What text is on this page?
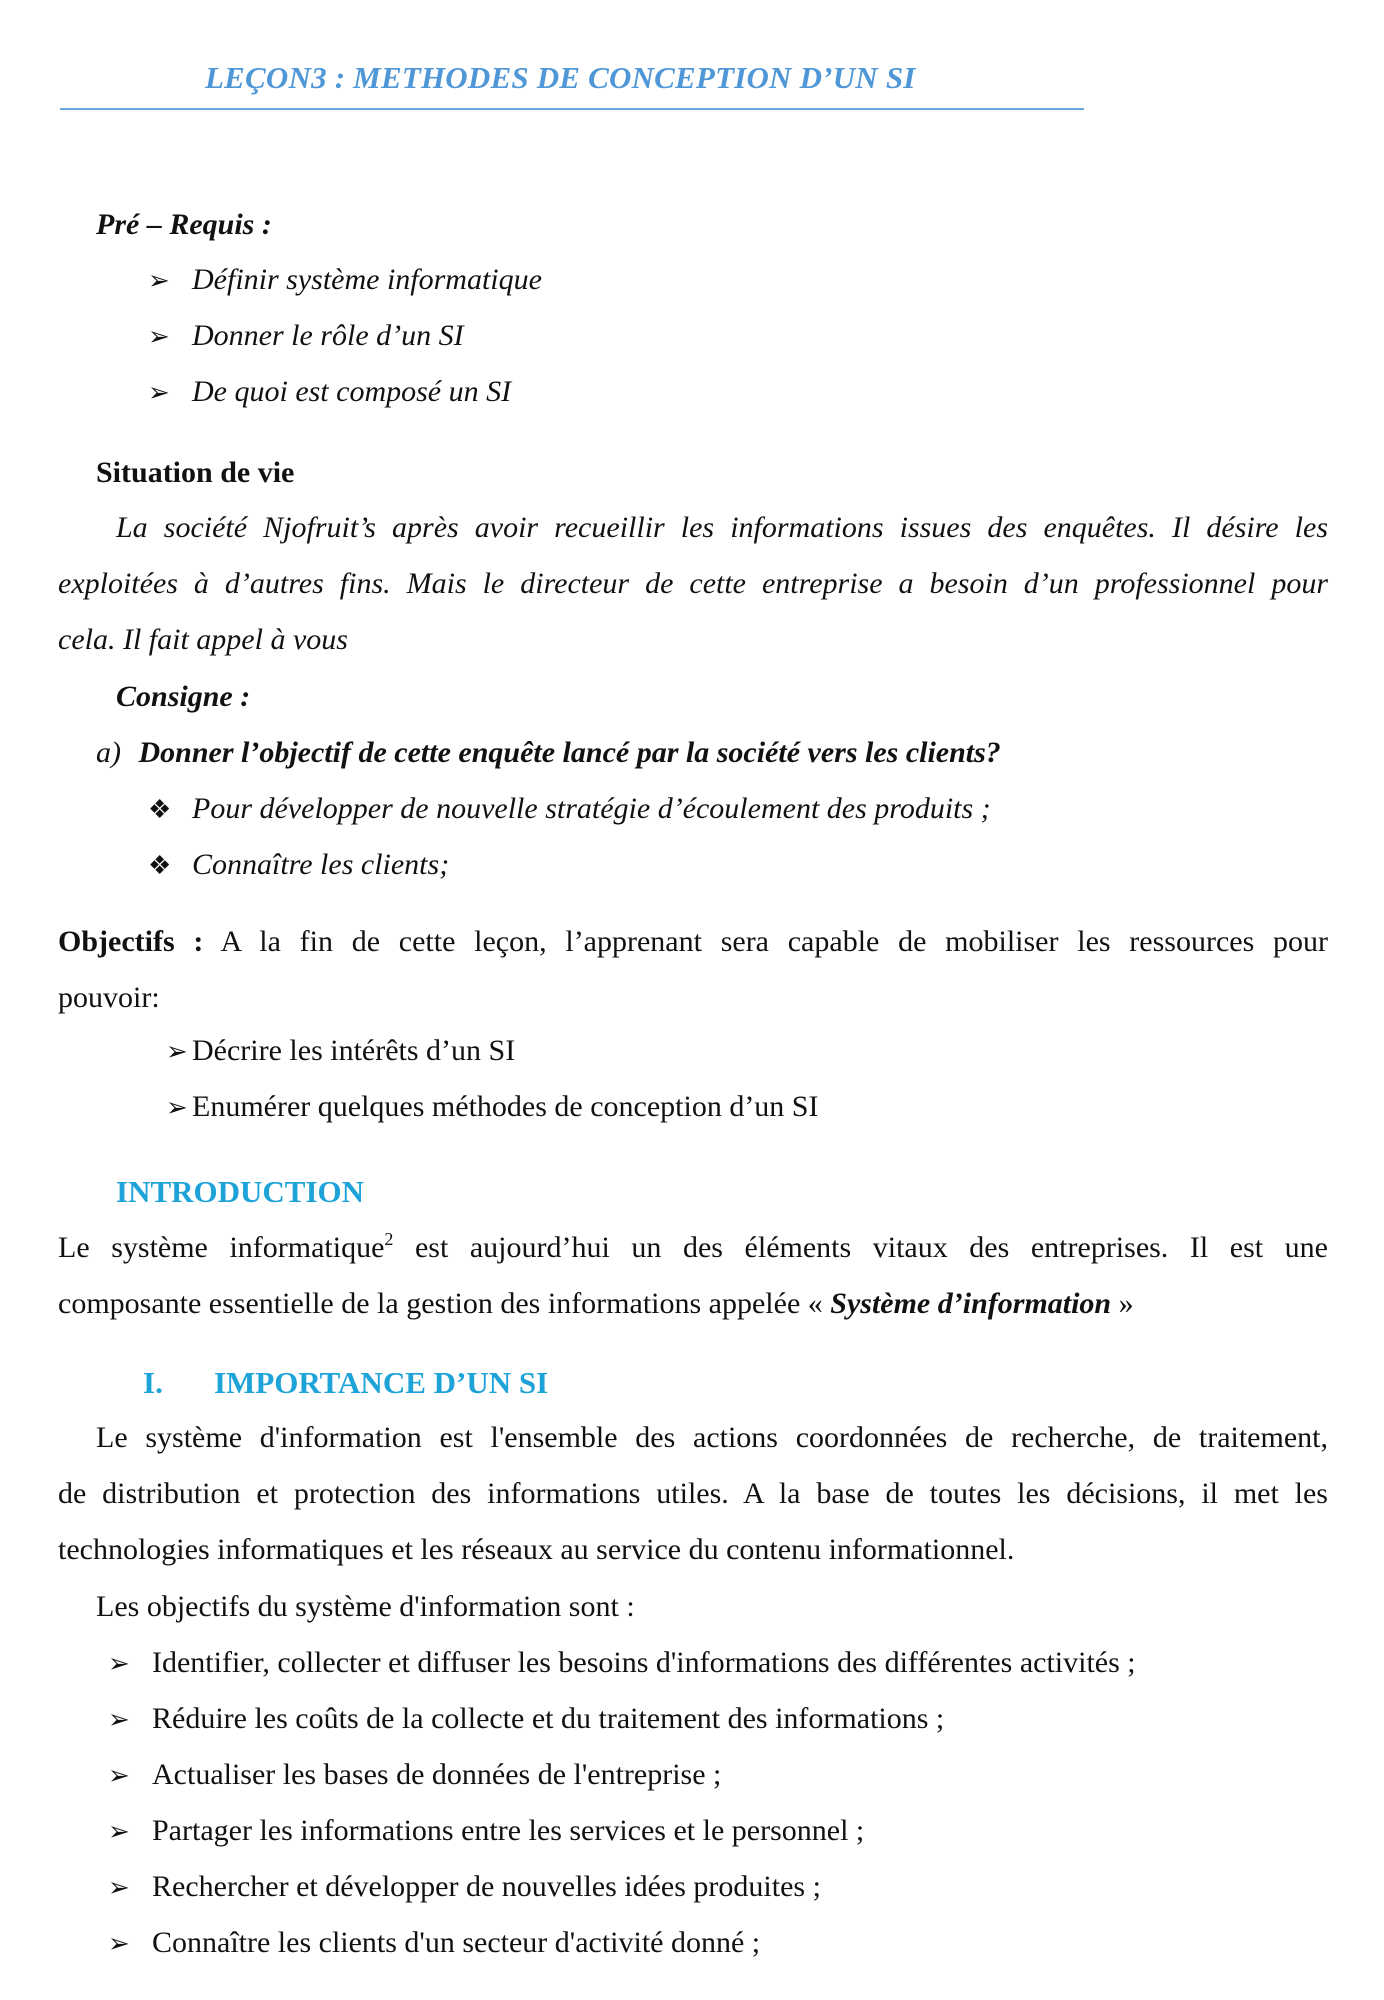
LEÇON3 : METHODES DE CONCEPTION D’UN SI
Pré – Requis :
➢ Définir système informatique
➢ Donner le rôle d’un SI
➢ De quoi est composé un SI
Situation de vie
La société Njofruit’s après avoir recueillir les informations issues des enquêtes. Il désire les
exploitées à d’autres fins. Mais le directeur de cette entreprise a besoin d’un professionnel pour
cela. Il fait appel à vous
Consigne :
a) Donner l’objectif de cette enquête lancé par la société vers les clients?
❖ Pour développer de nouvelle stratégie d’écoulement des produits ;
❖ Connaître les clients;
Objectifs : A la fin de cette leçon, l’apprenant sera capable de mobiliser les ressources pour
pouvoir:
➢ Décrire les intérêts d’un SI
➢ Enumérer quelques méthodes de conception d’un SI
INTRODUCTION
Le système informatique$^2$ est aujourd’hui un des éléments vitaux des entreprises. Il est une
composante essentielle de la gestion des informations appelée « Système d’information »
I. IMPORTANCE D’UN SI
Le système d'information est l'ensemble des actions coordonnées de recherche, de traitement,
de distribution et protection des informations utiles. A la base de toutes les décisions, il met les
technologies informatiques et les réseaux au service du contenu informationnel.
Les objectifs du système d'information sont :
➢ Identifier, collecter et diffuser les besoins d'informations des différentes activités ;
➢ Réduire les coûts de la collecte et du traitement des informations ;
➢ Actualiser les bases de données de l'entreprise ;
➢ Partager les informations entre les services et le personnel ;
➢ Rechercher et développer de nouvelles idées produites ;
➢ Connaître les clients d'un secteur d'activité donné ;
